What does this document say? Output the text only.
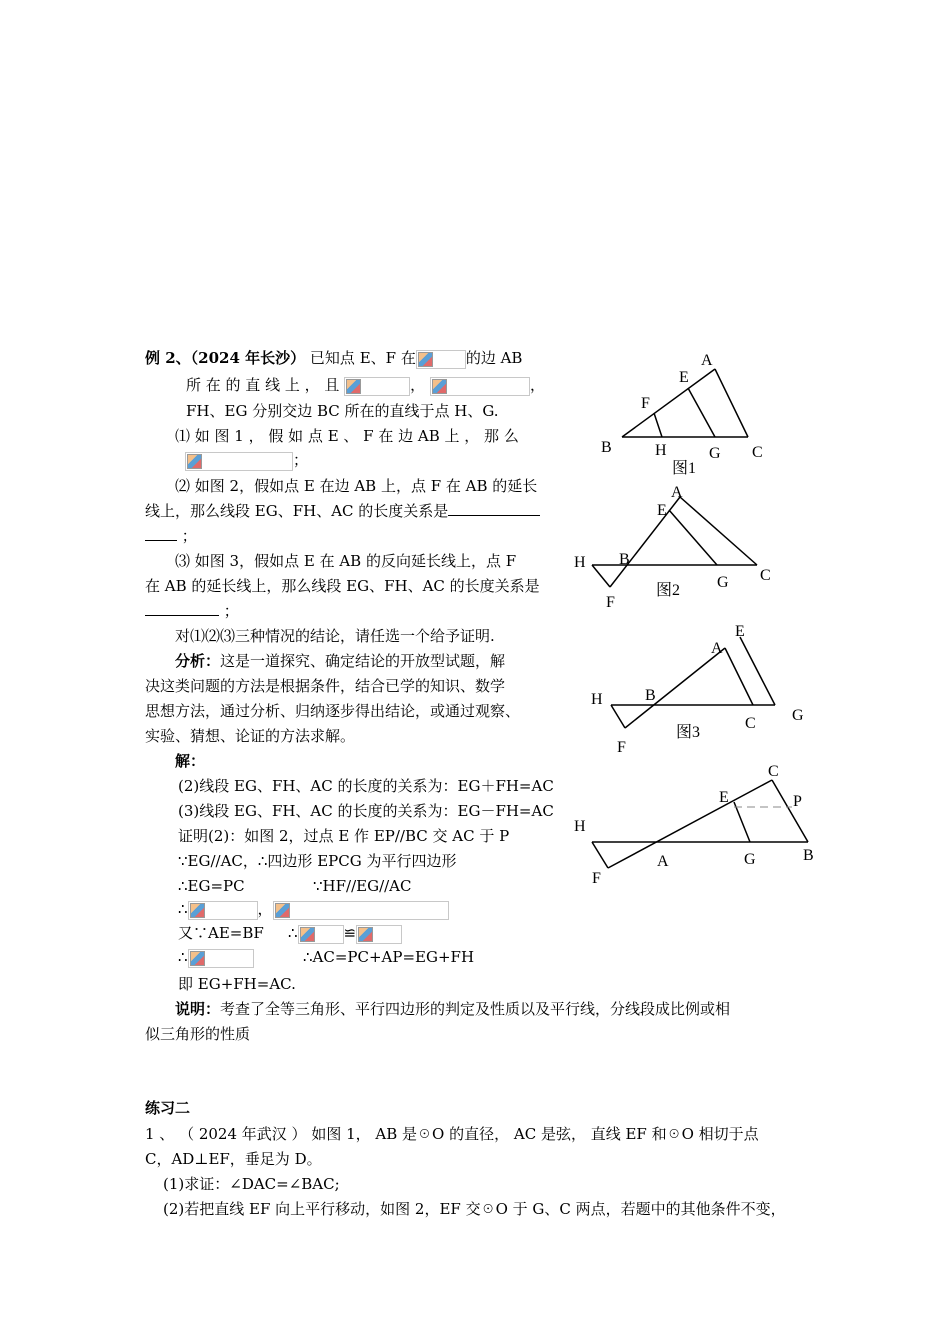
例 2、（2024 年长沙） 已知点 E、F 在	的边 AB
所 在 的 直 线 上 ， 且	，	，
FH、EG 分别交边 BC 所在的直线于点 H、G.
⑴ 如 图 1 ， 假 如 点 E 、 F 在 边 AB 上 ， 那 么
；
⑵ 如图 2，假如点 E 在边 AB 上，点 F 在 AB 的延长
线上，那么线段 EG、FH、AC 的长度关系是
；
⑶ 如图 3，假如点 E 在 AB 的反向延长线上，点 F
在 AB 的延长线上，那么线段 EG、FH、AC 的长度关系是
；
对⑴⑵⑶三种情况的结论，请任选一个给予证明.
分析：这是一道探究、确定结论的开放型试题，解
决这类问题的方法是根据条件，结合已学的知识、数学
思想方法，通过分析、归纳逐步得出结论，或通过观察、
实验、猜想、论证的方法求解。
解：
(2)线段 EG、FH、AC 的长度的关系为：EG＋FH=AC
(3)线段 EG、FH、AC 的长度的关系为：EG－FH=AC
证明(2)：如图 2，过点 E 作 EP//BC 交 AC 于 P
∵EG//AC，∴四边形 EPCG 为平行四边形
∴EG=PC	∵HF//EG//AC
∴	，
又∵AE=BF ∴	≌
∴	∴AC=PC+AP=EG+FH
即 EG+FH=AC.
说明：考查了全等三角形、平行四边形的判定及性质以及平行线，分线段成比例或相
似三角形的性质
练习二
1 、 （ 2024 年武汉 ） 如图 1， AB 是☉O 的直径， AC 是弦， 直线 EF 和☉O 相切于点
C，AD⊥EF，垂足为 D。
(1)求证：∠DAC=∠BAC;
(2)若把直线 EF 向上平行移动，如图 2，EF 交☉O 于 G、C 两点，若题中的其他条件不变，
A
E
F
B	H	G C
图1
A
E
H B
G C
F
图2
E
A
H	B
C G
F
图3
C
E	P
H
A	G	B
F
